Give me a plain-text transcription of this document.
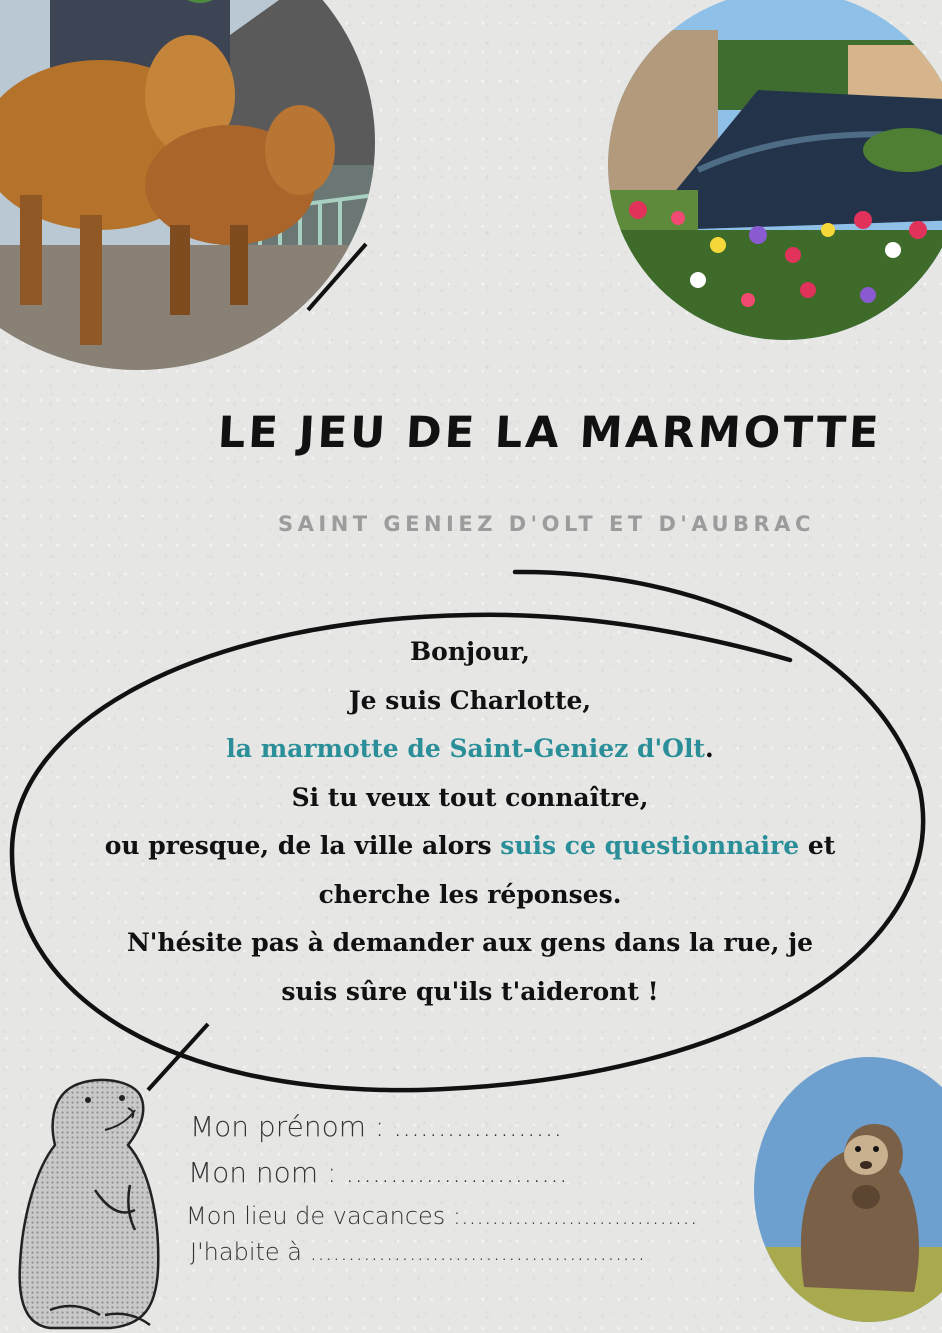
LE JEU DE LA MARMOTTE
SAINT GENIEZ D'OLT ET D'AUBRAC
Bonjour,
Je suis Charlotte,
la marmotte de Saint-Geniez d'Olt.
Si tu veux tout connaître,
ou presque, de la ville alors suis ce questionnaire et
cherche les réponses.
N'hésite pas à demander aux gens dans la rue, je
suis sûre qu'ils t'aideront !
Mon prénom : ...................
Mon nom : .........................
Mon lieu de vacances :...............................
J'habite à ............................................
